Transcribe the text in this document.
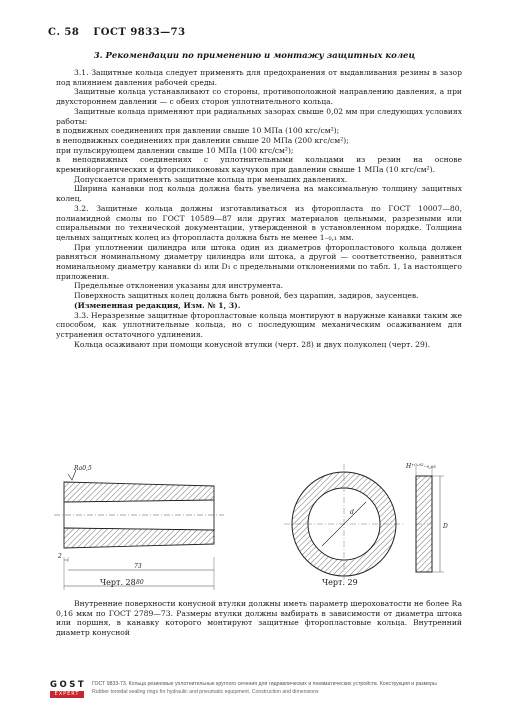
С. 58 ГОСТ 9833—73
3. Рекомендации по применению и монтажу защитных колец

3.1. Защитные кольца следует применять для предохранения от выдавливания резины в зазор под влиянием давления рабочей среды.

Защитные кольца устанавливают со стороны, противоположной направлению давления, а при двухстороннем давлении — с обеих сторон уплотнительного кольца.

Защитные кольца применяют при радиальных зазорах свыше 0,02 мм при следующих условиях работы:

в подвижных соединениях при давлении свыше 10 МПа (100 кгс/см²);

в неподвижных соединениях при давлении свыше 20 МПа (200 кгс/см²);

при пульсирующем давлении свыше 10 МПа (100 кгс/см²);

в неподвижных соединениях с уплотнительными кольцами из резин на основе кремнийорганических и фторсиликоновых каучуков при давлении свыше 1 МПа (10 кгс/см²).

Допускается применять защитные кольца при меньших давлениях.

Ширина канавки под кольца должна быть увеличена на максимальную толщину защитных колец.

3.2. Защитные кольца должны изготавливаться из фторопласта по ГОСТ 10007—80, полиамидной смолы по ГОСТ 10589—87 или других материалов цельными, разрезными или спиральными по технической документации, утвержденной в установленном порядке. Толщина цельных защитных колец из фторопласта должна быть не менее 1₋₀,₁ мм.

При уплотнении цилиндра или штока один из диаметров фторопластового кольца должен равняться номинальному диаметру цилиндра или штока, а другой — соответственно, равняться номинальному диаметру канавки d₃ или D₁ с предельными отклонениями по табл. 1, 1а настоящего приложения.

Предельные отклонения указаны для инструмента.

Поверхность защитных колец должна быть ровной, без царапин, задиров, заусенцев.

(Измененная редакция, Изм. № 1, 3).

3.3. Неразрезные защитные фторопластовые кольца монтируют в наружные канавки таким же способом, как уплотнительные кольца, но с последующим механическим осаживанием для устранения остаточного удлинения.

Кольца осаживают при помощи конусной втулки (черт. 28) и двух полуколец (черт. 29).

Ra0,5
2
73
80
d
D
H⁺⁰·⁰²₋₀,₀₃
Черт. 28	Черт. 29

Внутренние поверхности конусной втулки должны иметь параметр шероховатости не более Ra 0,16 мкм по ГОСТ 2789—73. Размеры втулки должны выбирать в зависимости от диаметра штока или поршня, в канавку которого монтируют защитные фторопластовые кольца. Внутренний диаметр конусной

GOST
EXPERT
ГОСТ 9833-73. Кольца резиновые уплотнительные круглого сечения для гидравлических и пневматических устройств. Конструкция и размеры
Rubber toroidal sealing rings for hydraulic and pneumatic equipment. Construction and dimensions
